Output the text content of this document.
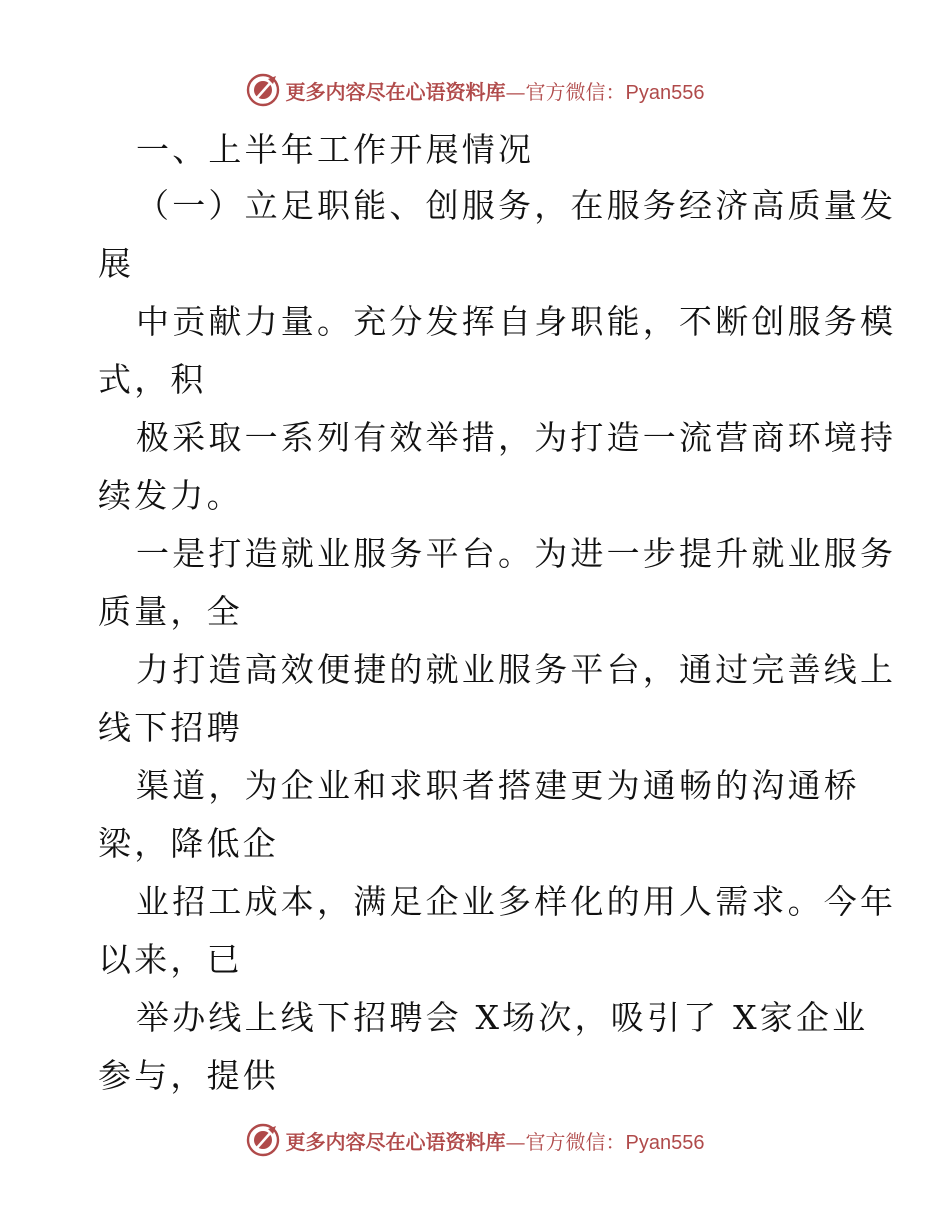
更多内容尽在心语资料库—官方微信：Pyan556
一、上半年工作开展情况
（一）立足职能、创服务，在服务经济高质量发
展
中贡献力量。充分发挥自身职能，不断创服务模
式，积
极采取一系列有效举措，为打造一流营商环境持
续发力。
一是打造就业服务平台。为进一步提升就业服务
质量，全
力打造高效便捷的就业服务平台，通过完善线上
线下招聘
渠道，为企业和求职者搭建更为通畅的沟通桥
梁，降低企
业招工成本，满足企业多样化的用人需求。今年
以来，已
举办线上线下招聘会 X场次，吸引了 X家企业
参与，提供
更多内容尽在心语资料库—官方微信：Pyan556
